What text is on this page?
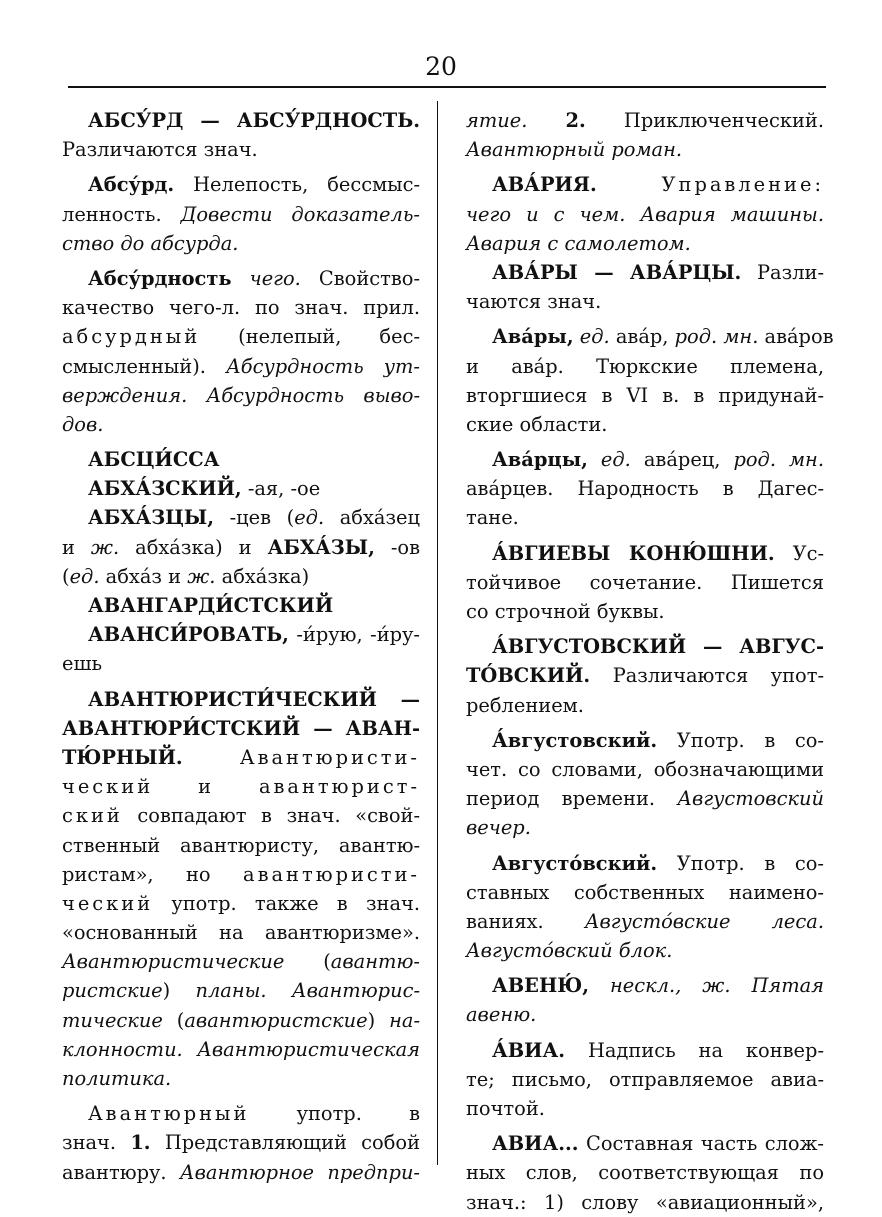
20
АБСУ́РД — АБСУ́РДНОСТЬ.
Различаются знач.
Абсу́рд. Нелепость, бессмыс-
ленность. Довести доказатель-
ство до абсурда.
Абсу́рдность чего. Свойство-
качество чего-л. по знач. прил.
абсурдный (нелепый, бес-
смысленный). Абсурдность ут-
верждения. Абсурдность выво-
дов.
АБСЦИ́ССА
АБХА́ЗСКИЙ, -ая, -ое
АБХА́ЗЦЫ, -цев (ед. абха́зец
и ж. абха́зка) и АБХА́ЗЫ, -ов
(ед. абха́з и ж. абха́зка)
АВАНГАРДИ́СТСКИЙ
АВАНСИ́РОВАТЬ, -и́рую, -и́ру-
ешь
АВАНТЮРИСТИ́ЧЕСКИЙ —
АВАНТЮРИ́СТСКИЙ — АВАН-
ТЮ́РНЫЙ.	Авантюристи-
ческий и авантюрист-
ский совпадают в знач. «свой-
ственный авантюристу, авантю-
ристам», но авантюристи-
ческий употр. также в знач.
«основанный на авантюризме».
Авантюристические (авантю-
ристские) планы. Авантюрис-
тические (авантюристские) на-
клонности. Авантюристическая
политика.
Авантюрный употр. в
знач. 1. Представляющий собой
авантюру. Авантюрное предпри-
ятие. 2. Приключенческий.
Авантюрный роман.
АВА́РИЯ.	Управление:
чего и с чем. Авария машины.
Авария с самолетом.
АВА́РЫ — АВА́РЦЫ. Разли-
чаются знач.
Ава́ры, ед. ава́р, род. мн. ава́ров
и ава́р. Тюркские племена,
вторгшиеся в VI в. в придунай-
ские области.
Ава́рцы, ед. ава́рец, род. мн.
ава́рцев. Народность в Дагес-
тане.
А́ВГИЕВЫ КОНЮ́ШНИ. Ус-
тойчивое сочетание. Пишется
со строчной буквы.
А́ВГУСТОВСКИЙ — АВГУС-
ТО́ВСКИЙ. Различаются упот-
реблением.
А́вгустовский. Употр. в со-
чет. со словами, обозначающими
период времени. Августовский
вечер.
Августо́вский. Употр. в со-
ставных собственных наимено-
ваниях. Августо́вские леса.
Августо́вский блок.
АВЕНЮ́, нескл., ж. Пятая
авеню.
А́ВИА. Надпись на конвер-
те; письмо, отправляемое авиа-
почтой.
АВИА... Составная часть слож-
ных слов, соответствующая по
знач.: 1) слову «авиационный»,
